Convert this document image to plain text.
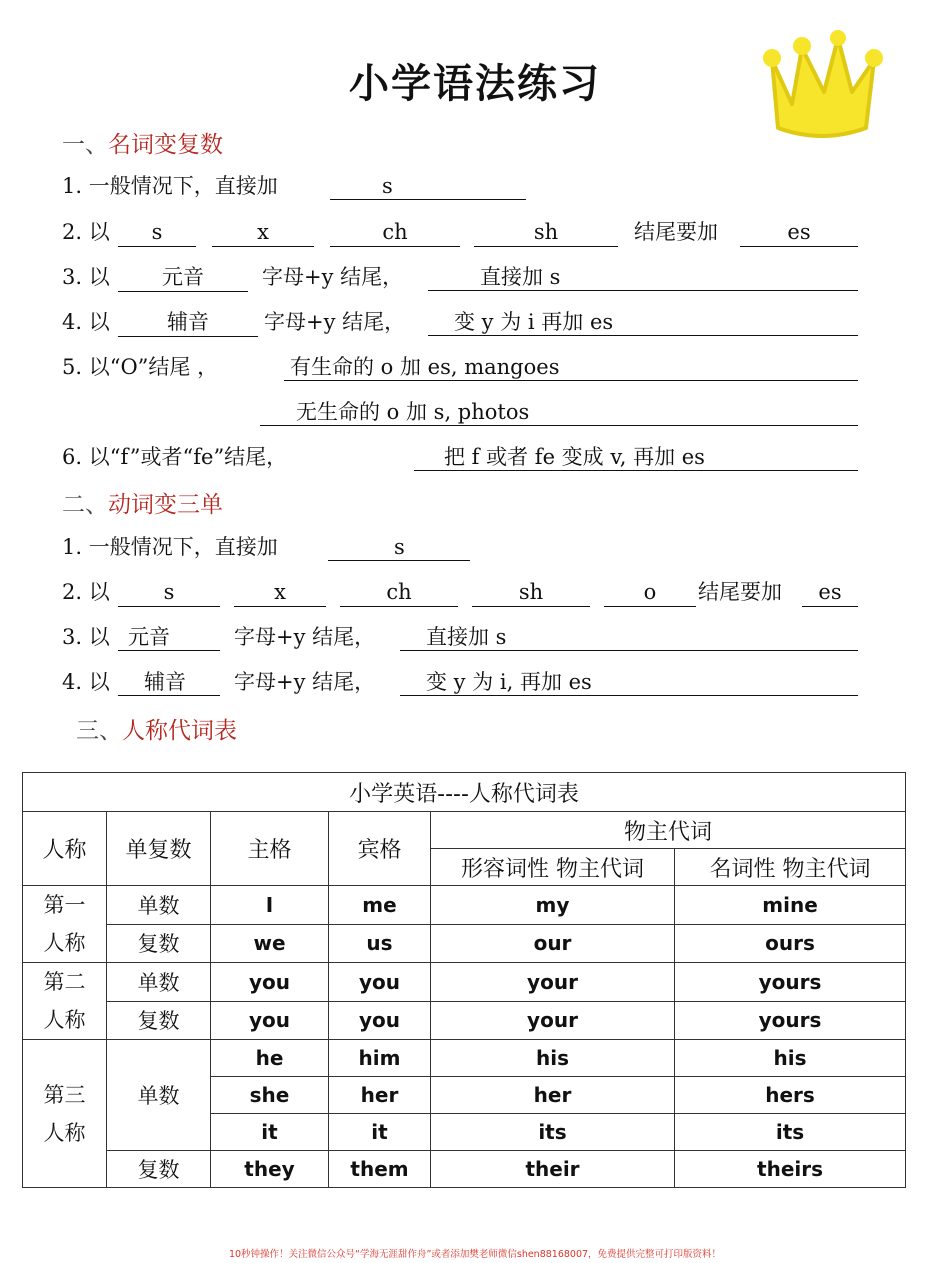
小学语法练习
一、名词变复数
1. 一般情况下，直接加	s
2. 以	s	x	ch	sh	结尾要加	es
3. 以	元音	字母+y 结尾，	直接加 s
4. 以	辅音	字母+y 结尾，	变 y 为 i 再加 es
5. 以“O”结尾 ，	有生命的 o 加 es, mangoes
无生命的 o 加 s, photos
6. 以“f”或者“fe”结尾，	把 f 或者 fe 变成 v, 再加 es
二、动词变三单
1. 一般情况下，直接加	s
2. 以	s	x	ch	sh	o	结尾要加	es
3. 以 元音	字母+y 结尾，	直接加 s
4. 以	辅音	字母+y 结尾，	变 y 为 i, 再加 es
三、人称代词表
小学英语----人称代词表					
人称	单复数	主格	宾格	物主代词	
				形容词性 物主代词	名词性 物主代词
第一
人称	单数	I	me	my	mine
	复数	we	us	our	ours
第二
人称	单数	you	you	your	yours
	复数	you	you	your	yours
第三
人称	单数	he	him	his	his
		she	her	her	hers
		it	it	its	its
	复数	they	them	their	theirs
10秒钟操作！关注微信公众号“学海无涯甜作舟”或者添加樊老师微信shen88168007，免费提供完整可打印版资料！
